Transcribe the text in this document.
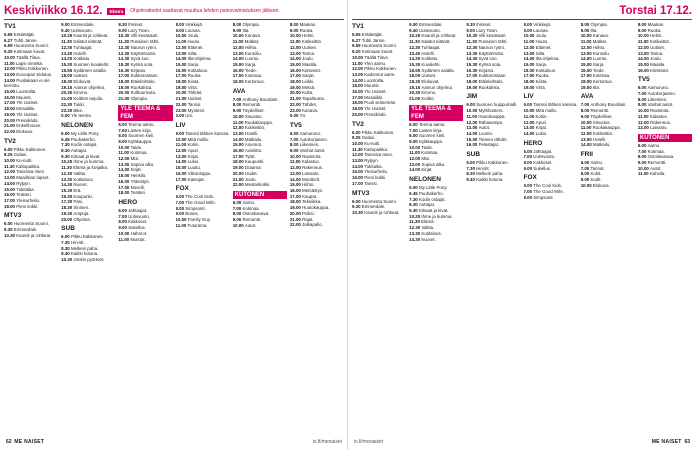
Keskiviikko 16.12.	Ekstra	Ohjelmatiedot saattavat muuttua lehden painovalmistuksen jälkeen.
TV1
5.55 Erätietäjät.
6.27 Tuhti Janne.
6.59 Huomenta Suomi.
9.20 Kotimaan kuvat.
10.00 Täällä Tiitus.
11.00 Lapsi nimeltä.
12.00 Pikku Kakkonen.
13.00 Euroopan Kidutus.
14.00 Puoliakaan ei ole kerrottu.
15.00 Luontoilta.
16.00 Muumit.
17.00 Yle Uutiset.
18.00 Mosaiikki.
19.00 Yle Uutiset.
20.00 Pressiklubi.
21.00 Enkelihouse.
22.00 Elokuva.
TV2
6.00 Pikku Kakkonen.
9.25 Galaxi.
10.00 Ku-nutti.
11.30 Kattopaikka.
12.00 Tanssiva mies.
13.00 Maailman lapset.
14.00 Rylpyn.
15.00 Tukitaika.
16.00 Teatteri.
17.00 Yleisurheilu.
18.00 Pieni kokki.
MTV3
6.00 Huomenta Suomi.
9.30 Emmerdale.
10.30 Kauniit ja rohkeat.
9.00 Emmerdale.
9.40 Uutisvuoto.
10.25 Kauniit ja rohkeat.
11.30 Salatut elämät.
12.30 Tuhlaajat.
13.40 Hotelli.
14.20 Kotikatu.
15.30 Suomen kuvalehti.
16.55 Sydämen asialla.
18.00 Uutiset.
18.30 Elokuvat.
19.15 Aamun ohjelma.
20.30 Kimmo.
21.00 Keittiön tarjoilu.
22.30 Tukki.
23.30 Bike.
0.00 Yle teema.
NELONEN
6.00 My Little Pony.
6.45 Puuhakerho.
7.30 Kodin ostajat.
8.30 Auttajat.
9.30 Kitsaat ja kivat.
10.25 Ihme ja kumma.
11.30 Elämä ja kivijalka.
12.30 Valittu.
13.30 Kotitalous.
14.30 Nuoret.
15.30 Erä.
16.30 Kaupunki.
17.30 Pasi.
18.30 Sininen.
19.30 Ampuja.
20.00 Ohjelma.
SUB
6.00 Pikku Kakkonen.
7.30 Hirviöt.
8.30 Melkein paha.
9.40 Kaikki kotona.
10.30 Jonkin pyörteet.
8.30 Ihmiset.
9.00 Lazy Town.
10.30 Villi kesäsaari.
11.30 Punainen tähti.
12.30 Naurun rytmi.
13.30 Käyttöönotto.
14.30 Syvä suo.
15.30 Kylmä sota.
16.30 Kirjasto.
17.00 Kukkarostaan.
18.00 Eläinkohtalo.
19.00 Ruokalista.
20.00 Kulttuurisota.
21.00 Olympia.
YLE TEEMA & FEM
6.00 Teema aamu.
7.00 Lasten kirja.
8.00 Suomen kieli.
9.00 Kyläkauppa.
10.00 Taide.
11.00 Kotimaa.
12.00 Mixi.
13.00 Sopiva alku.
14.00 Kirjat.
15.00 Henkilö.
16.00 Yhteistyö.
17.00 Novelli.
18.00 Teatteri.
HERO
6.00 Jahtaajat.
7.00 Uutisvuoto.
8.00 Kakkoset.
9.00 Sukellus.
10.00 Hahmot.
11.00 Muistot.
8.00 Vinkkejä.
9.00 Lounas.
10.00 Joulu.
11.00 Huuto.
12.00 Eläimet.
13.00 Silta.
14.00 Ilta-ohjelma.
15.00 Sarja.
16.00 Kotitalous.
17.00 Ruoka.
18.00 Kiista.
19.00 Virta.
20.00 Tähdet.
21.00 Uutiset.
22.00 Tanssi.
23.00 Mysteeri.
0.00 Uni.
LIV
9.00 Tanssii tähtien kanssa.
10.00 Mitä mulla.
11.00 Kotiin.
12.00 Apuri.
13.00 Kirjat.
14.00 Lukio.
15.00 Luuttu.
16.00 Viikonloppu.
17.00 Katsojat.
FOX
6.00 The Cool Kids.
7.00 The Good Wife.
8.00 Simpsonit.
9.00 Bones.
10.00 Family Guy.
11.00 Futurama.
8.00 Olympia.
9.00 Ilta.
10.00 Kanava.
11.00 Matkat.
12.00 Hiihto.
13.00 Kuntoilu.
14.00 Luonto.
15.00 Sarja.
16.00 Tiede.
17.00 Kotimaa.
18.00 Kertomus.
AVA
7.00 Anthony Bourdain.
8.00 Remontti.
9.00 Täydelliset.
10.00 Sisustus.
11.00 Ruokakauppa.
12.00 Kotikeittiö.
13.00 Hotelli.
14.00 Matkailu.
15.00 Asunnot.
16.00 Avioliitto.
17.00 Tytöt.
18.00 Kaupunki.
19.00 Draama.
20.00 Uudet.
21.00 Joulu.
22.00 Mestarikokki.
KUTONEN
6.00 Aamu.
7.00 Kotimaa.
8.00 Ostoskanava.
9.00 Remontti.
10.00 Autot.
8.00 Maukas.
9.00 Ruoka.
10.00 Helmi.
11.00 Kotikeittiö.
12.00 Uutiset.
13.00 Tarina.
14.00 Joulu.
15.00 Maatila.
16.00 Kiinteistö.
17.00 Sarjat.
18.00 Leikki.
19.00 Metsä.
20.00 Kulta.
21.00 Tapahtuma.
22.00 Tähdet.
23.00 Kanava.
0.00 Yö.
TV5
6.00 Aamuruno.
7.00 Autokorjaamo.
8.00 Liikemies.
9.00 Vanhat autot.
10.00 Ravintola.
11.00 Kalastus.
12.00 Rakennus.
13.00 Laivasto.
14.00 Moottorit.
15.00 Hiihto.
16.00 Metsästys.
17.00 Kaupat.
18.00 Tekniikka.
19.00 Huutokauppa.
20.00 Poliisi.
21.00 Rajat.
22.00 Jalkapallo.
62 ME NAISET	is.fi/menaiset
Torstai 17.12.
TV1
5.55 Erätietäjät.
6.27 Tuhti Janne.
6.59 Huomenta Suomi.
9.20 Kotimaan kuvat.
10.00 Täällä Tiitus.
11.00 Ylen aamu.
12.00 Pikku Kakkonen.
13.00 Kadonnut aarre.
14.00 Luontoilta.
15.00 Muumit.
16.00 Yle Uutiset.
17.00 Mosaiikki.
18.00 Puoli seitsemän.
19.00 Yle Uutiset.
20.00 Pressiklubi.
TV2
6.00 Pikku Kakkonen.
9.25 Galaxi.
10.00 Ku-nutti.
11.30 Kattopaikka.
12.00 Tanssiva mies.
13.00 Rylpyn.
14.00 Tukitaika.
15.00 Yleisurheilu.
16.00 Pieni kokki.
17.00 Tanssi.
MTV3
6.00 Huomenta Suomi.
9.30 Emmerdale.
10.30 Kauniit ja rohkeat.
9.00 Emmerdale.
9.40 Uutisvuoto.
10.25 Kauniit ja rohkeat.
11.30 Salatut elämät.
12.30 Tuhlaajat.
13.40 Hotelli.
14.20 Kotikatu.
15.30 Kuvalehti.
16.55 Sydämen asialla.
18.00 Uutiset.
18.30 Elokuvat.
19.15 Aamun ohjelma.
20.30 Kimmo.
21.00 Keittiö.
YLE TEEMA & FEM
6.00 Teema aamu.
7.00 Lasten kirja.
8.00 Suomen kieli.
9.00 Kyläkauppa.
10.00 Taide.
11.00 Kotimaa.
12.00 Mixi.
13.00 Sopiva alku.
14.00 Kirjat.
NELONEN
6.00 My Little Pony.
6.45 Puuhakerho.
7.30 Kodin ostajat.
8.30 Auttajat.
9.30 Kitsaat ja kivat.
10.25 Ihme ja kumma.
11.30 Elämä.
12.30 Valittu.
13.30 Kotitalous.
14.30 Nuoret.
8.30 Ihmiset.
9.00 Lazy Town.
10.30 Villi kesäsaari.
11.30 Punainen tähti.
12.30 Naurun rytmi.
13.30 Käyttöönotto.
14.30 Syvä suo.
15.30 Kylmä sota.
16.30 Kirjasto.
17.00 Kukkarostaan.
18.00 Eläinkohtalo.
19.00 Ruokalista.
JIM
9.00 Suomen huippumalli.
10.00 Mythbusters.
11.00 Huutokauppa.
12.00 Rahasampo.
13.00 Autot.
14.00 Luonto.
15.00 Tieteen tähdet.
16.00 Pelastajat.
SUB
6.00 Pikku Kakkonen.
7.30 Hirviöt.
8.30 Melkein paha.
9.40 Kaikki kotona.
8.00 Vinkkejä.
9.00 Lounas.
10.00 Joulu.
11.00 Huuto.
12.00 Eläimet.
13.00 Silta.
14.00 Ilta-ohjelma.
15.00 Sarja.
16.00 Kotitalous.
17.00 Ruoka.
18.00 Kiista.
19.00 Virta.
LIV
9.00 Tanssii tähtien kanssa.
10.00 Mitä mulla.
11.00 Kotiin.
12.00 Apuri.
13.00 Kirjat.
14.00 Lukio.
HERO
6.00 Jahtaajat.
7.00 Uutisvuoto.
8.00 Kakkoset.
9.00 Sukellus.
FOX
6.00 The Cool Kids.
7.00 The Good Wife.
8.00 Simpsonit.
8.00 Olympia.
9.00 Ilta.
10.00 Kanava.
11.00 Matkat.
12.00 Hiihto.
13.00 Kuntoilu.
14.00 Luonto.
15.00 Sarja.
16.00 Tiede.
17.00 Kotimaa.
18.00 Kertomus.
19.00 Ilta.
AVA
7.00 Anthony Bourdain.
8.00 Remontti.
9.00 Täydelliset.
10.00 Sisustus.
11.00 Ruokakauppa.
12.00 Kotikeittiö.
13.00 Hotelli.
14.00 Matkailu.
FRII
6.00 Aamu.
7.00 Tarinat.
8.00 Kokit.
9.00 Kodit.
10.00 Elokuva.
8.00 Maukas.
9.00 Ruoka.
10.00 Helmi.
11.00 Kotikeittiö.
12.00 Uutiset.
13.00 Tarina.
14.00 Joulu.
15.00 Maatila.
16.00 Kiinteistö.
TV5
6.00 Aamuruno.
7.00 Autokorjaamo.
8.00 Liikemies.
9.00 Vanhat autot.
10.00 Ravintola.
11.00 Kalastus.
12.00 Rakennus.
13.00 Laivasto.
KUTONEN
6.00 Aamu.
7.00 Kotimaa.
8.00 Ostoskanava.
9.00 Remontti.
10.00 Autot.
11.00 Kahvila.
is.fi/menaiset	ME NAISET 63
